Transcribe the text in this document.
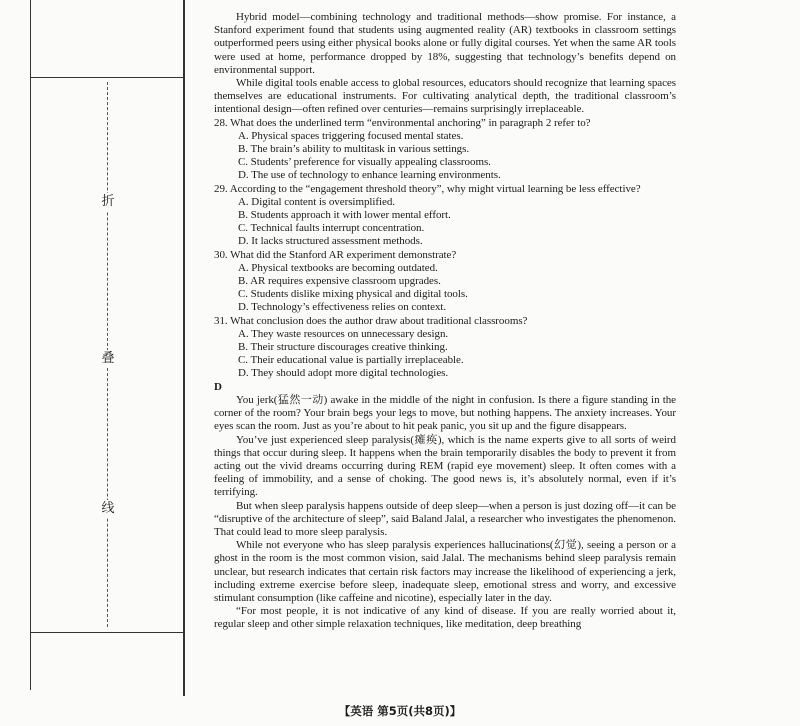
折
叠
线

Hybrid model—combining technology and traditional methods—show promise. For instance, a Stanford experiment found that students using augmented reality (AR) textbooks in classroom settings outperformed peers using either physical books alone or fully digital courses. Yet when the same AR tools were used at home, performance dropped by 18%, suggesting that technology’s benefits depend on environmental support.

While digital tools enable access to global resources, educators should recognize that learning spaces themselves are educational instruments. For cultivating analytical depth, the traditional classroom’s intentional design—often refined over centuries—remains surprisingly irreplaceable.

28. What does the underlined term “environmental anchoring” in paragraph 2 refer to?
A. Physical spaces triggering focused mental states.
B. The brain’s ability to multitask in various settings.
C. Students’ preference for visually appealing classrooms.
D. The use of technology to enhance learning environments.
29. According to the “engagement threshold theory”, why might virtual learning be less effective?
A. Digital content is oversimplified.
B. Students approach it with lower mental effort.
C. Technical faults interrupt concentration.
D. It lacks structured assessment methods.
30. What did the Stanford AR experiment demonstrate?
A. Physical textbooks are becoming outdated.
B. AR requires expensive classroom upgrades.
C. Students dislike mixing physical and digital tools.
D. Technology’s effectiveness relies on context.
31. What conclusion does the author draw about traditional classrooms?
A. They waste resources on unnecessary design.
B. Their structure discourages creative thinking.
C. Their educational value is partially irreplaceable.
D. They should adopt more digital technologies.

D

You jerk(猛然一动) awake in the middle of the night in confusion. Is there a figure standing in the corner of the room? Your brain begs your legs to move, but nothing happens. The anxiety increases. Your eyes scan the room. Just as you’re about to hit peak panic, you sit up and the figure disappears.

You’ve just experienced sleep paralysis(瘫痪), which is the name experts give to all sorts of weird things that occur during sleep. It happens when the brain temporarily disables the body to prevent it from acting out the vivid dreams occurring during REM (rapid eye movement) sleep. It often comes with a feeling of immobility, and a sense of choking. The good news is, it’s absolutely normal, even if it’s terrifying.

But when sleep paralysis happens outside of deep sleep—when a person is just dozing off—it can be “disruptive of the architecture of sleep”, said Baland Jalal, a researcher who investigates the phenomenon. That could lead to more sleep paralysis.

While not everyone who has sleep paralysis experiences hallucinations(幻觉), seeing a person or a ghost in the room is the most common vision, said Jalal. The mechanisms behind sleep paralysis remain unclear, but research indicates that certain risk factors may increase the likelihood of experiencing a jerk, including extreme exercise before sleep, inadequate sleep, emotional stress and worry, and excessive stimulant consumption (like caffeine and nicotine), especially later in the day.

“For most people, it is not indicative of any kind of disease. If you are really worried about it, regular sleep and other simple relaxation techniques, like meditation, deep breathing

【英语 第5页(共8页)】
